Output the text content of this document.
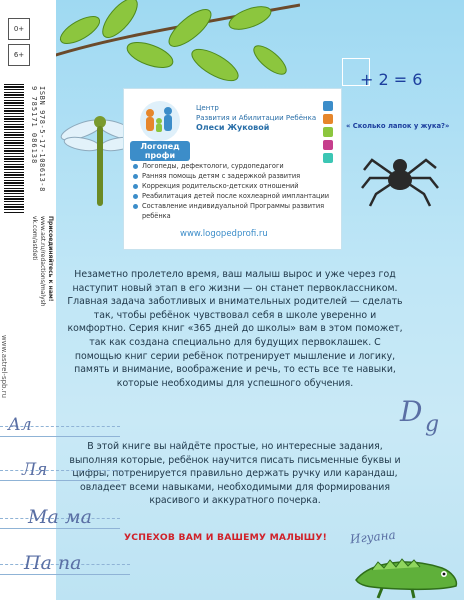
0+
6+
ISBN 978-5-17-108613-8
9 785171 086138
Присоединяйтесь к нам!
www.ast.ru/redactions/malysh
vk.com/astdeti
www.astrel-spb.ru
Логопед профи
Центр
Развития и Абилитации Ребёнка
Олеси Жуковой
Логопеды, дефектологи, сурдопедагоги
Ранняя помощь детям с задержкой развития
Коррекция родительско-детских отношений
Реабилитация детей после кохлеарной имплантации
Составление индивидуальной Программы развития ребёнка
www.logopedprofi.ru
+ 2 = 6
« Сколько лапок у жука?»
Незаметно пролетело время, ваш малыш вырос и уже через год наступит новый этап в его жизни — он станет первоклассником. Главная задача заботливых и внимательных родителей — сделать так, чтобы ребёнок чувствовал себя в школе уверенно и комфортно. Серия книг «365 дней до школы» вам в этом поможет, так как создана специально для будущих первоклашек. С помощью книг серии ребёнок потренирует мышление и логику, память и внимание, воображение и речь, то есть все те навыки, которые необходимы для успешного обучения.
В этой книге вы найдёте простые, но интересные задания, выполняя которые, ребёнок научится писать письменные буквы и цифры, потренируется правильно держать ручку или карандаш, овладеет всеми навыками, необходимыми для формирования красивого и аккуратного почерка.
D g
Ал
Ля
Ма ма
Па па
УСПЕХОВ ВАМ И ВАШЕМУ МАЛЫШУ! Игуана
